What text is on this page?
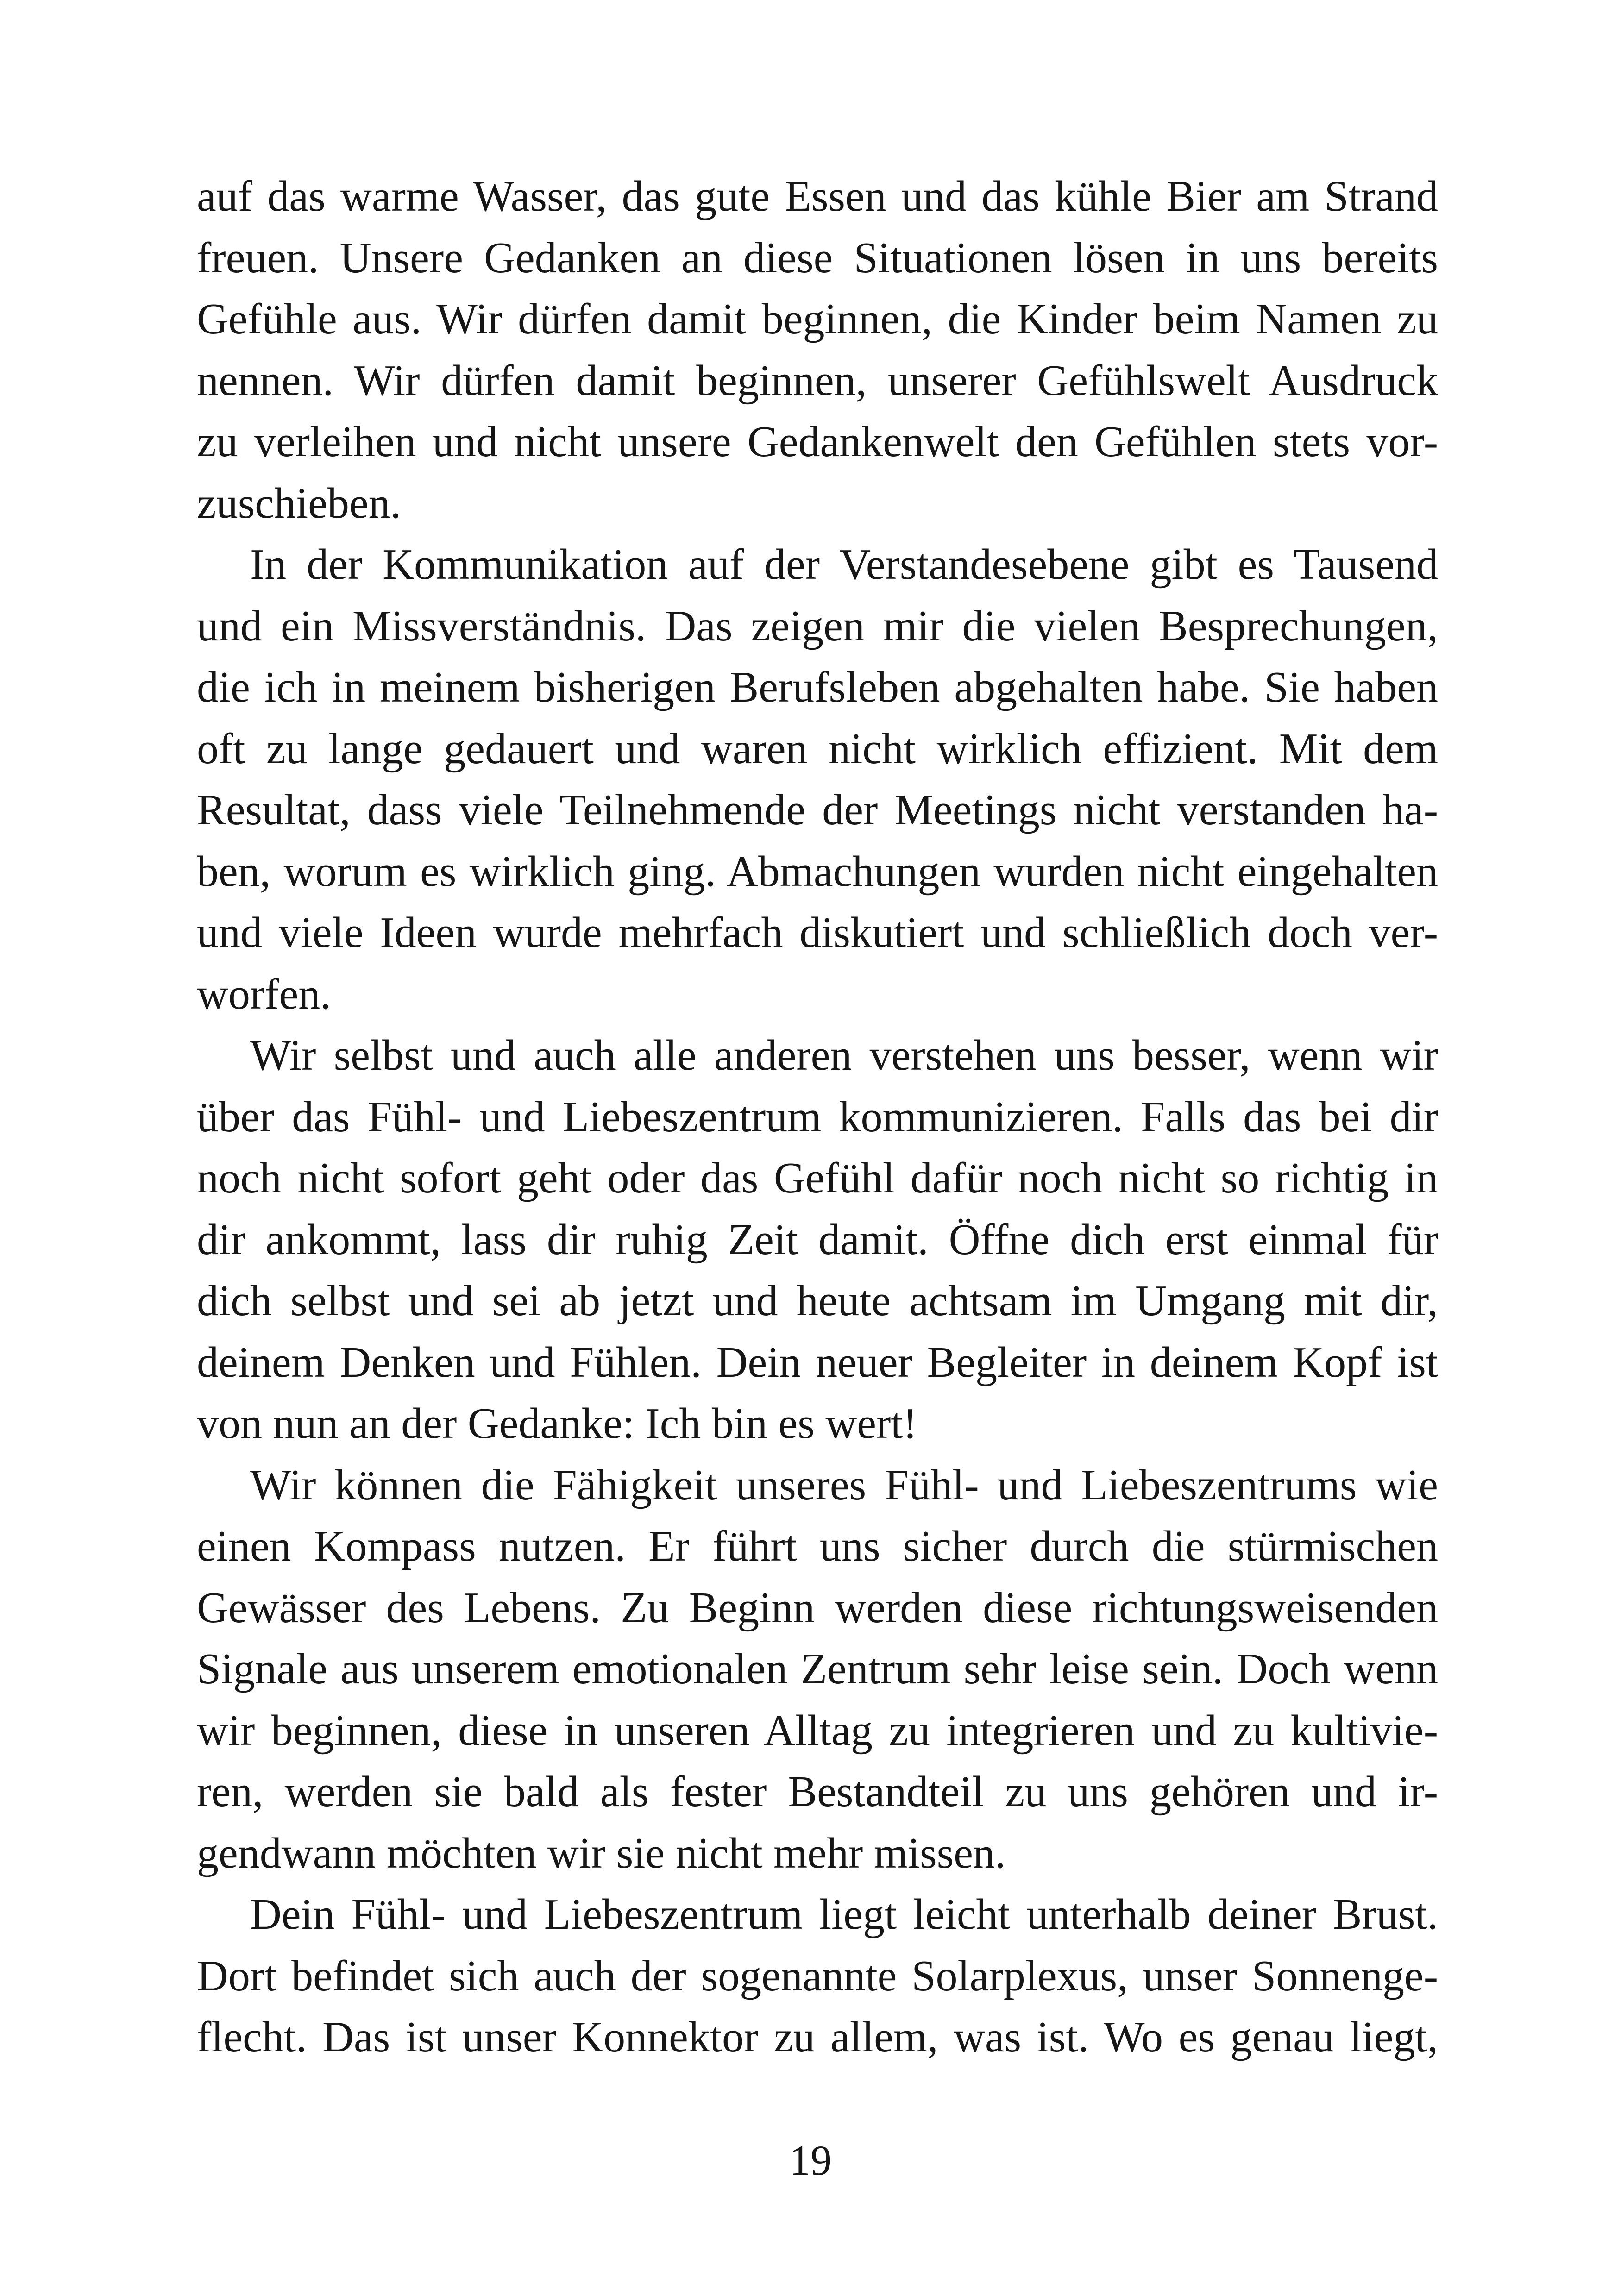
auf das warme Wasser, das gute Essen und das kühle Bier am Strand
freuen. Unsere Gedanken an diese Situationen lösen in uns bereits
Gefühle aus. Wir dürfen damit beginnen, die Kinder beim Namen zu
nennen. Wir dürfen damit beginnen, unserer Gefühlswelt Ausdruck
zu verleihen und nicht unsere Gedankenwelt den Gefühlen stets vor-
zuschieben.
In der Kommunikation auf der Verstandesebene gibt es Tausend
und ein Missverständnis. Das zeigen mir die vielen Besprechungen,
die ich in meinem bisherigen Berufsleben abgehalten habe. Sie haben
oft zu lange gedauert und waren nicht wirklich effizient. Mit dem
Resultat, dass viele Teilnehmende der Meetings nicht verstanden ha-
ben, worum es wirklich ging. Abmachungen wurden nicht eingehalten
und viele Ideen wurde mehrfach diskutiert und schließlich doch ver-
worfen.
Wir selbst und auch alle anderen verstehen uns besser, wenn wir
über das Fühl- und Liebeszentrum kommunizieren. Falls das bei dir
noch nicht sofort geht oder das Gefühl dafür noch nicht so richtig in
dir ankommt, lass dir ruhig Zeit damit. Öffne dich erst einmal für
dich selbst und sei ab jetzt und heute achtsam im Umgang mit dir,
deinem Denken und Fühlen. Dein neuer Begleiter in deinem Kopf ist
von nun an der Gedanke: Ich bin es wert!
Wir können die Fähigkeit unseres Fühl- und Liebeszentrums wie
einen Kompass nutzen. Er führt uns sicher durch die stürmischen
Gewässer des Lebens. Zu Beginn werden diese richtungsweisenden
Signale aus unserem emotionalen Zentrum sehr leise sein. Doch wenn
wir beginnen, diese in unseren Alltag zu integrieren und zu kultivie-
ren, werden sie bald als fester Bestandteil zu uns gehören und ir-
gendwann möchten wir sie nicht mehr missen.
Dein Fühl- und Liebeszentrum liegt leicht unterhalb deiner Brust.
Dort befindet sich auch der sogenannte Solarplexus, unser Sonnenge-
flecht. Das ist unser Konnektor zu allem, was ist. Wo es genau liegt,
19
